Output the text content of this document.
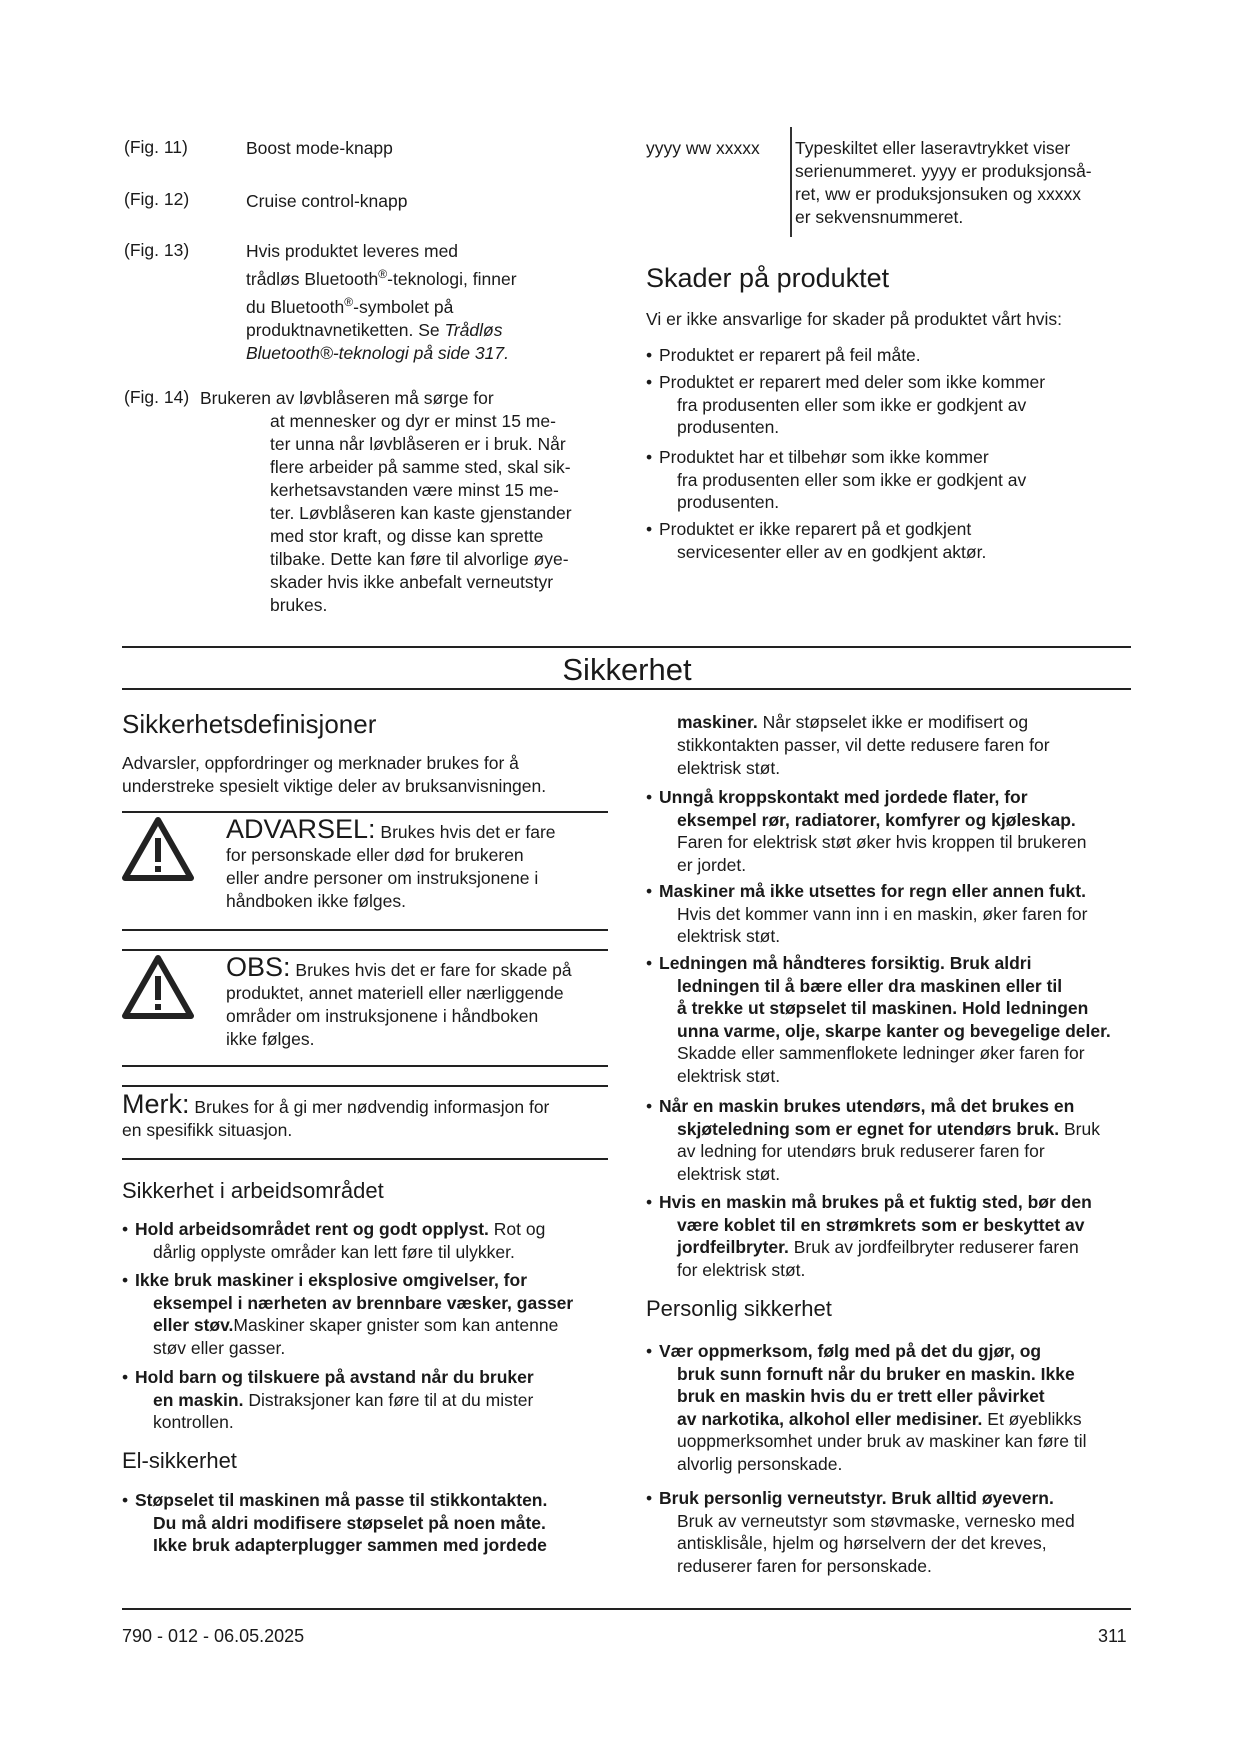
(Fig. 11)	Boost mode-knapp
(Fig. 12)	Cruise control-knapp
(Fig. 13)	Hvis produktet leveres med
trådløs Bluetooth®-teknologi, finner
du Bluetooth®-symbolet på
produktnavnetiketten. Se Trådløs
Bluetooth®-teknologi på side 317.
(Fig. 14) Brukeren av løvblåseren må sørge for
at mennesker og dyr er minst 15 me-
ter unna når løvblåseren er i bruk. Når
flere arbeider på samme sted, skal sik-
kerhetsavstanden være minst 15 me-
ter. Løvblåseren kan kaste gjenstander
med stor kraft, og disse kan sprette
tilbake. Dette kan føre til alvorlige øye-
skader hvis ikke anbefalt verneutstyr
brukes.
yyyy ww xxxxx Typeskiltet eller laseravtrykket viser
serienummeret. yyyy er produksjonså-
ret, ww er produksjonsuken og xxxxx
er sekvensnummeret.
Skader på produktet
Vi er ikke ansvarlige for skader på produktet vårt hvis:
• Produktet er reparert på feil måte.
• Produktet er reparert med deler som ikke kommer
fra produsenten eller som ikke er godkjent av
produsenten.
• Produktet har et tilbehør som ikke kommer
fra produsenten eller som ikke er godkjent av
produsenten.
• Produktet er ikke reparert på et godkjent
servicesenter eller av en godkjent aktør.
Sikkerhet
Sikkerhetsdefinisjoner
Advarsler, oppfordringer og merknader brukes for å
understreke spesielt viktige deler av bruksanvisningen.
ADVARSEL: Brukes hvis det er fare
for personskade eller død for brukeren
eller andre personer om instruksjonene i
håndboken ikke følges.
OBS: Brukes hvis det er fare for skade på
produktet, annet materiell eller nærliggende
områder om instruksjonene i håndboken
ikke følges.
Merk: Brukes for å gi mer nødvendig informasjon for
en spesifikk situasjon.
Sikkerhet i arbeidsområdet
• Hold arbeidsområdet rent og godt opplyst. Rot og
dårlig opplyste områder kan lett føre til ulykker.
• Ikke bruk maskiner i eksplosive omgivelser, for
eksempel i nærheten av brennbare væsker, gasser
eller støv.Maskiner skaper gnister som kan antenne
støv eller gasser.
• Hold barn og tilskuere på avstand når du bruker
en maskin. Distraksjoner kan føre til at du mister
kontrollen.
El-sikkerhet
• Støpselet til maskinen må passe til stikkontakten.
Du må aldri modifisere støpselet på noen måte.
Ikke bruk adapterplugger sammen med jordede
maskiner. Når støpselet ikke er modifisert og
stikkontakten passer, vil dette redusere faren for
elektrisk støt.
• Unngå kroppskontakt med jordede flater, for
eksempel rør, radiatorer, komfyrer og kjøleskap.
Faren for elektrisk støt øker hvis kroppen til brukeren
er jordet.
• Maskiner må ikke utsettes for regn eller annen fukt.
Hvis det kommer vann inn i en maskin, øker faren for
elektrisk støt.
• Ledningen må håndteres forsiktig. Bruk aldri
ledningen til å bære eller dra maskinen eller til
å trekke ut støpselet til maskinen. Hold ledningen
unna varme, olje, skarpe kanter og bevegelige deler.
Skadde eller sammenflokete ledninger øker faren for
elektrisk støt.
• Når en maskin brukes utendørs, må det brukes en
skjøteledning som er egnet for utendørs bruk. Bruk
av ledning for utendørs bruk reduserer faren for
elektrisk støt.
• Hvis en maskin må brukes på et fuktig sted, bør den
være koblet til en strømkrets som er beskyttet av
jordfeilbryter. Bruk av jordfeilbryter reduserer faren
for elektrisk støt.
Personlig sikkerhet
• Vær oppmerksom, følg med på det du gjør, og
bruk sunn fornuft når du bruker en maskin. Ikke
bruk en maskin hvis du er trett eller påvirket
av narkotika, alkohol eller medisiner. Et øyeblikks
uoppmerksomhet under bruk av maskiner kan føre til
alvorlig personskade.
• Bruk personlig verneutstyr. Bruk alltid øyevern.
Bruk av verneutstyr som støvmaske, vernesko med
antisklisåle, hjelm og hørselvern der det kreves,
reduserer faren for personskade.
790 - 012 - 06.05.2025	311
